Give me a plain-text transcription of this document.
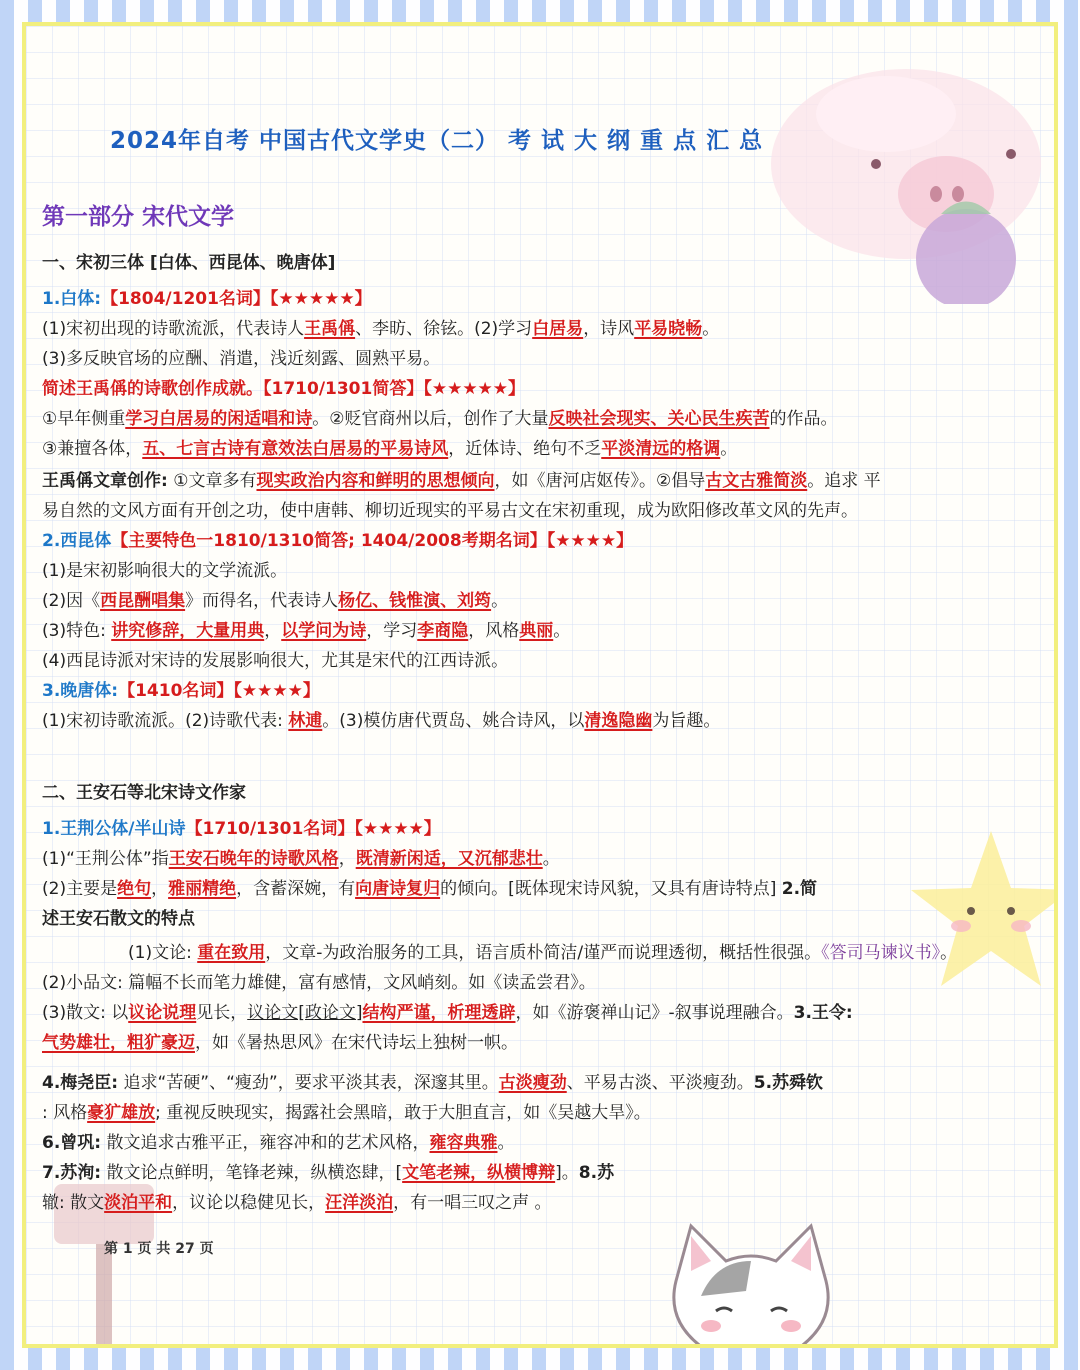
2024年自考 中国古代文学史（二） 考 试 大 纲 重 点 汇 总
第一部分 宋代文学
一、宋初三体 [白体、西昆体、晚唐体]
1.白体:【1804/1201名词】【★★★★★】
(1)宋初出现的诗歌流派，代表诗人王禹偁、李昉、徐铉。(2)学习白居易，诗风平易晓畅。
(3)多反映官场的应酬、消遣，浅近刻露、圆熟平易。
简述王禹偁的诗歌创作成就。【1710/1301简答】【★★★★★】
①早年侧重学习白居易的闲适唱和诗。②贬官商州以后，创作了大量反映社会现实、关心民生疾苦的作品。
③兼擅各体，五、七言古诗有意效法白居易的平易诗风，近体诗、绝句不乏平淡清远的格调。
王禹偁文章创作: ①文章多有现实政治内容和鲜明的思想倾向，如《唐河店妪传》。②倡导古文古雅简淡。追求 平
易自然的文风方面有开创之功，使中唐韩、柳切近现实的平易古文在宋初重现，成为欧阳修改革文风的先声。
2.西昆体【主要特色一1810/1310简答; 1404/2008考期名词】【★★★★】
(1)是宋初影响很大的文学流派。
(2)因《西昆酬唱集》而得名，代表诗人杨亿、钱惟演、刘筠。
(3)特色: 讲究修辞，大量用典，以学问为诗，学习李商隐，风格典丽。
(4)西昆诗派对宋诗的发展影响很大，尤其是宋代的江西诗派。
3.晚唐体:【1410名词】【★★★★】
(1)宋初诗歌流派。(2)诗歌代表: 林逋。(3)模仿唐代贾岛、姚合诗风，以清逸隐幽为旨趣。
二、王安石等北宋诗文作家
1.王荆公体/半山诗【1710/1301名词】【★★★★】
(1)“王荆公体”指王安石晚年的诗歌风格，既清新闲适，又沉郁悲壮。
(2)主要是绝句，雅丽精绝，含蓄深婉，有向唐诗复归的倾向。[既体现宋诗风貌，又具有唐诗特点] 2.简
述王安石散文的特点
(1)文论: 重在致用，文章-为政治服务的工具，语言质朴简洁/谨严而说理透彻，概括性很强。《答司马谏议书》。
(2)小品文: 篇幅不长而笔力雄健，富有感情，文风峭刻。如《读孟尝君》。
(3)散文: 以议论说理见长，议论文[政论文]结构严谨，析理透辟，如《游褒禅山记》-叙事说理融合。3.王令:
气势雄壮，粗犷豪迈，如《暑热思风》在宋代诗坛上独树一帜。
4.梅尧臣: 追求“苦硬”、“瘦劲”，要求平淡其表，深邃其里。古淡瘦劲、平易古淡、平淡瘦劲。5.苏舜钦
: 风格豪犷雄放; 重视反映现实，揭露社会黑暗，敢于大胆直言，如《吴越大旱》。
6.曾巩: 散文追求古雅平正，雍容冲和的艺术风格，雍容典雅。
7.苏洵: 散文论点鲜明，笔锋老辣，纵横恣肆，[文笔老辣，纵横博辩]。8.苏
辙: 散文淡泊平和，议论以稳健见长，汪洋淡泊，有一唱三叹之声 。
第 1 页 共 27 页
